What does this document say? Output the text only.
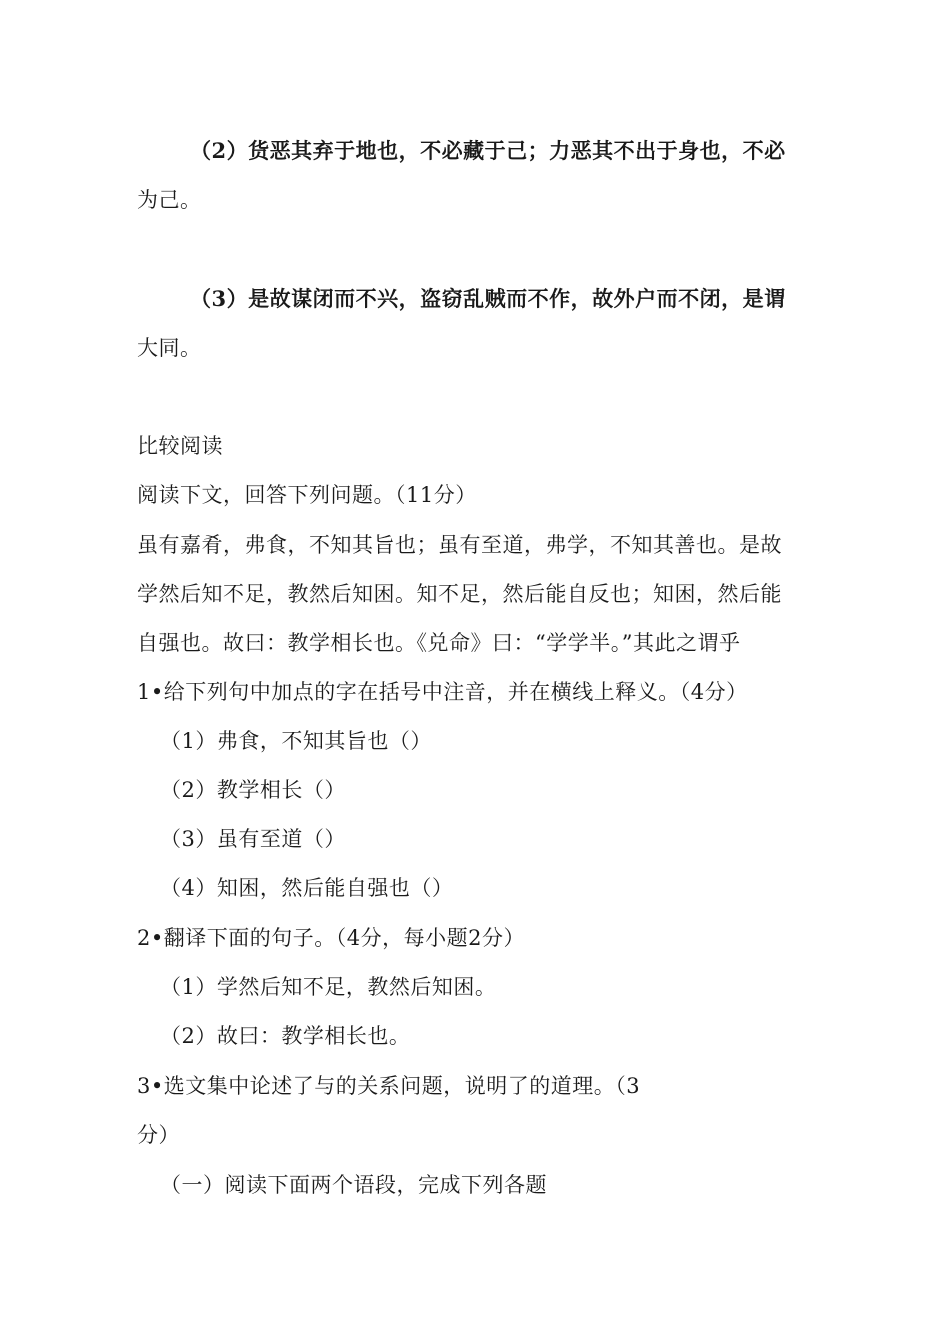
（2）货恶其弃于地也，不必藏于己；力恶其不出于身也，不必
为己。
（3）是故谋闭而不兴，盗窃乱贼而不作，故外户而不闭，是谓
大同。
比较阅读
阅读下文，回答下列问题。（11分）
虽有嘉肴，弗食，不知其旨也；虽有至道，弗学，不知其善也。是故
学然后知不足，教然后知困。知不足，然后能自反也；知困，然后能
自强也。故曰：教学相长也。《兑命》曰：“学学半。”其此之谓乎
1•给下列句中加点的字在括号中注音，并在横线上释义。（4分）
（1）弗食，不知其旨也（）
（2）教学相长（）
（3）虽有至道（）
（4）知困，然后能自强也（）
2•翻译下面的句子。（4分，每小题2分）
（1）学然后知不足，教然后知困。
（2）故曰：教学相长也。
3•选文集中论述了与的关系问题，说明了的道理。（3
分）
（一）阅读下面两个语段，完成下列各题
